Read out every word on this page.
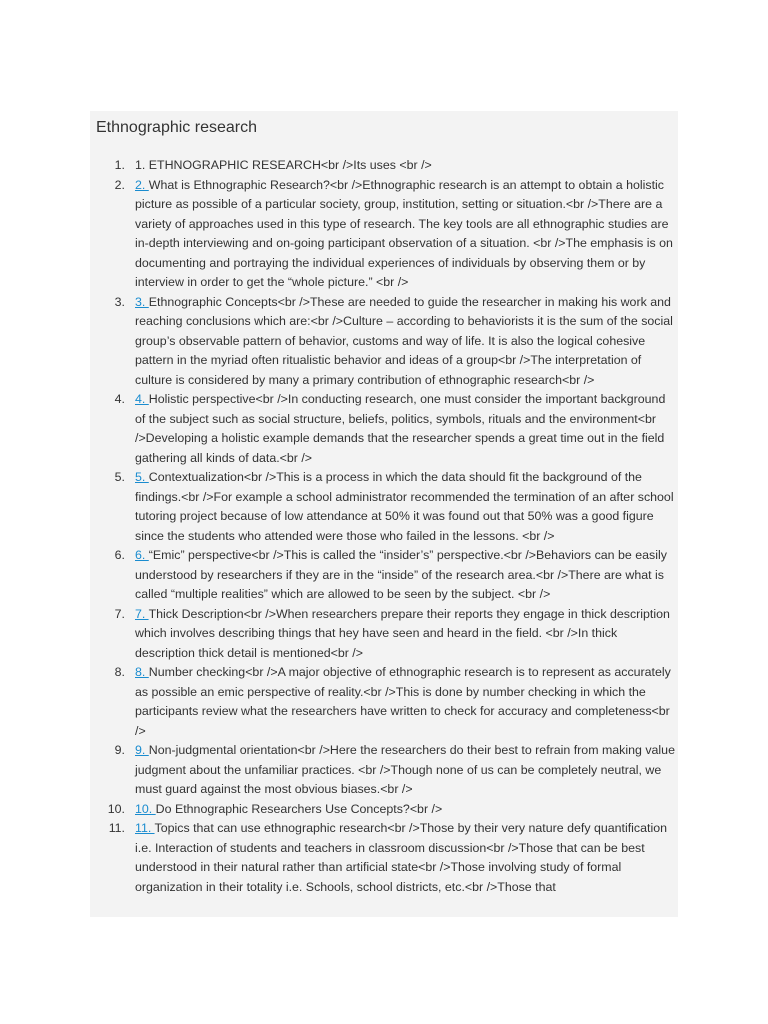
Ethnographic research
1. 1. ETHNOGRAPHIC RESEARCH<br />Its uses <br />
2. 2. What is Ethnographic Research?<br />Ethnographic research is an attempt to obtain a holistic picture as possible of a particular society, group, institution, setting or situation.<br />There are a variety of approaches used in this type of research. The key tools are all ethnographic studies are in-depth interviewing and on-going participant observation of a situation. <br />The emphasis is on documenting and portraying the individual experiences of individuals by observing them or by interview in order to get the “whole picture.” <br />
3. 3. Ethnographic Concepts<br />These are needed to guide the researcher in making his work and reaching conclusions which are:<br />Culture – according to behaviorists it is the sum of the social group’s observable pattern of behavior, customs and way of life. It is also the logical cohesive pattern in the myriad often ritualistic behavior and ideas of a group<br />The interpretation of culture is considered by many a primary contribution of ethnographic research<br />
4. 4. Holistic perspective<br />In conducting research, one must consider the important background of the subject such as social structure, beliefs, politics, symbols, rituals and the environment<br />Developing a holistic example demands that the researcher spends a great time out in the field gathering all kinds of data.<br />
5. 5. Contextualization<br />This is a process in which the data should fit the background of the findings.<br />For example a school administrator recommended the termination of an after school tutoring project because of low attendance at 50% it was found out that 50% was a good figure since the students who attended were those who failed in the lessons. <br />
6. 6. “Emic” perspective<br />This is called the “insider’s” perspective.<br />Behaviors can be easily understood by researchers if they are in the “inside” of the research area.<br />There are what is called “multiple realities” which are allowed to be seen by the subject. <br />
7. 7. Thick Description<br />When researchers prepare their reports they engage in thick description which involves describing things that hey have seen and heard in the field. <br />In thick description thick detail is mentioned<br />
8. 8. Number checking<br />A major objective of ethnographic research is to represent as accurately as possible an emic perspective of reality.<br />This is done by number checking in which the participants review what the researchers have written to check for accuracy and completeness<br />
9. 9. Non-judgmental orientation<br />Here the researchers do their best to refrain from making value judgment about the unfamiliar practices. <br />Though none of us can be completely neutral, we must guard against the most obvious biases.<br />
10. 10. Do Ethnographic Researchers Use Concepts?<br />
11. 11. Topics that can use ethnographic research<br />Those by their very nature defy quantification i.e. Interaction of students and teachers in classroom discussion<br />Those that can be best understood in their natural rather than artificial state<br />Those involving study of formal organization in their totality i.e. Schools, school districts, etc.<br />Those that
